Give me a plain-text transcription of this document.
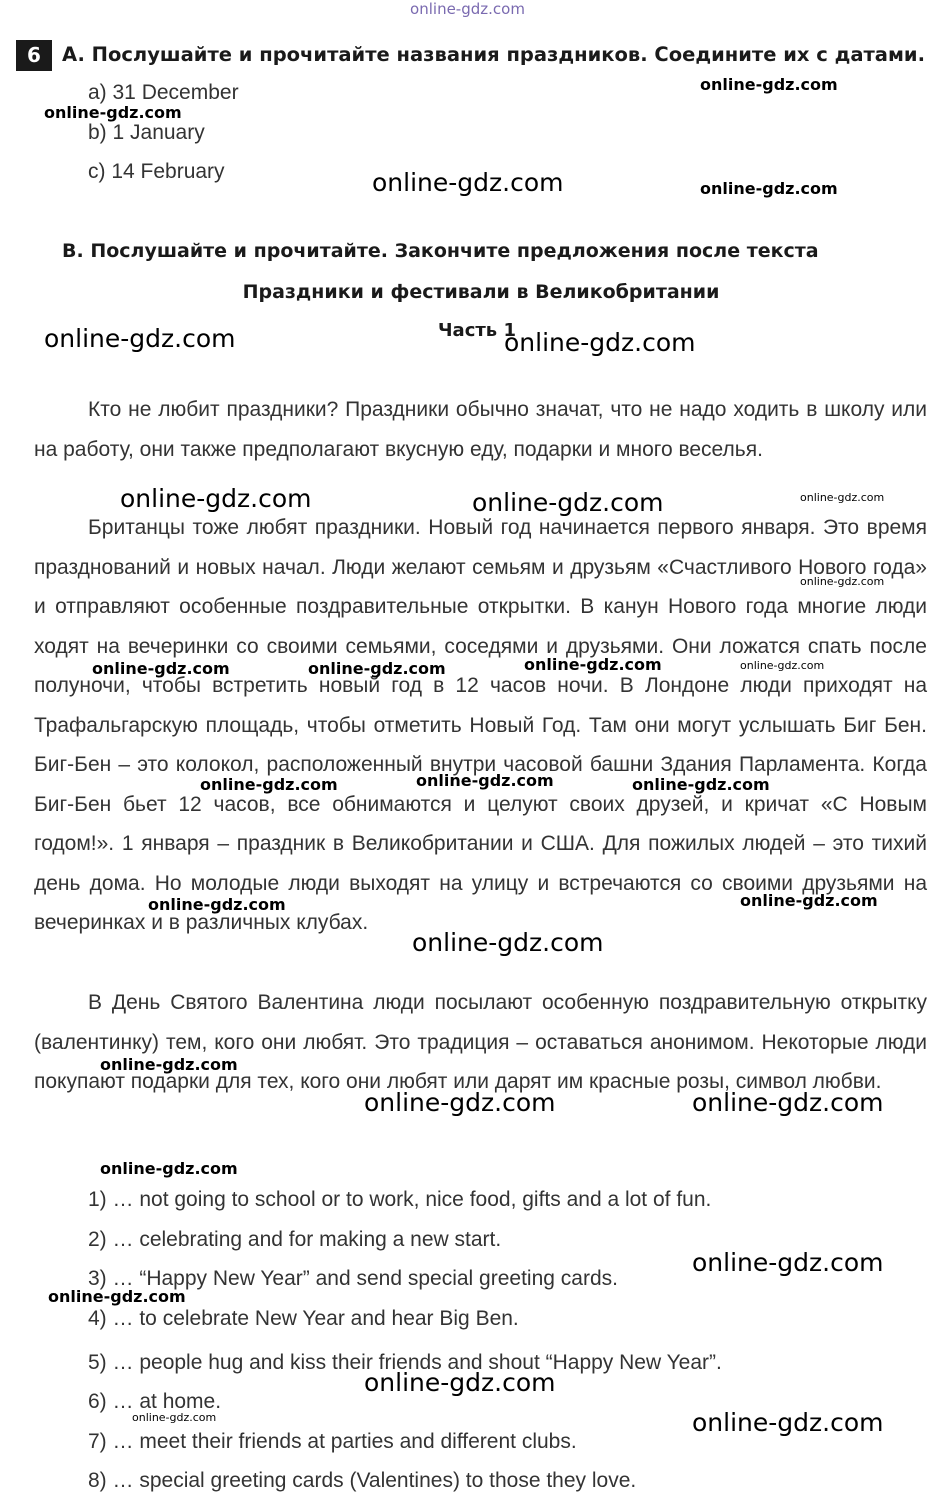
online-gdz.com
6	A. Послушайте и прочитайте названия праздников. Соедините их с датами.
a) 31 December
b) 1 January
c) 14 February
B. Послушайте и прочитайте. Закончите предложения после текста
Праздники и фестивали в Великобритании
Часть 1
Кто не любит праздники? Праздники обычно значат, что не надо ходить в школу или на работу, они также предполагают вкусную еду, подарки и много веселья.
Британцы тоже любят праздники. Новый год начинается первого января. Это время празднований и новых начал. Люди желают семьям и друзьям «Счастливого Нового года» и отправляют особенные поздравительные открытки. В канун Нового года многие люди ходят на вечеринки со своими семьями, соседями и друзьями. Они ложатся спать после полуночи, чтобы встретить новый год в 12 часов ночи. В Лондоне люди приходят на Трафальгарскую площадь, чтобы отметить Новый Год. Там они могут услышать Биг Бен. Биг-Бен – это колокол, расположенный внутри часовой башни Здания Парламента. Когда Биг-Бен бьет 12 часов, все обнимаются и целуют своих друзей, и кричат «С Новым годом!». 1 января – праздник в Великобритании и США. Для пожилых людей – это тихий день дома. Но молодые люди выходят на улицу и встречаются со своими друзьями на вечеринках и в различных клубах.
В День Святого Валентина люди посылают особенную поздравительную открытку (валентинку) тем, кого они любят. Это традиция – оставаться анонимом. Некоторые люди покупают подарки для тех, кого они любят или дарят им красные розы, символ любви.
1) … not going to school or to work, nice food, gifts and a lot of fun.
2) … celebrating and for making a new start.
3) … “Happy New Year” and send special greeting cards.
4) … to celebrate New Year and hear Big Ben.
5) … people hug and kiss their friends and shout “Happy New Year”.
6) … at home.
7) … meet their friends at parties and different clubs.
8) … special greeting cards (Valentines) to those they love.
online-gdz.com
online-gdz.com
online-gdz.com	online-gdz.com
online-gdz.com	online-gdz.com
online-gdz.com	online-gdz.com	online-gdz.com
online-gdz.com
online-gdz.com	online-gdz.com	online-gdz.com	online-gdz.com
online-gdz.com	online-gdz.com	online-gdz.com
online-gdz.com	online-gdz.com
online-gdz.com
online-gdz.com
online-gdz.com	online-gdz.com
online-gdz.com
online-gdz.com
online-gdz.com
online-gdz.com
online-gdz.com	online-gdz.com
